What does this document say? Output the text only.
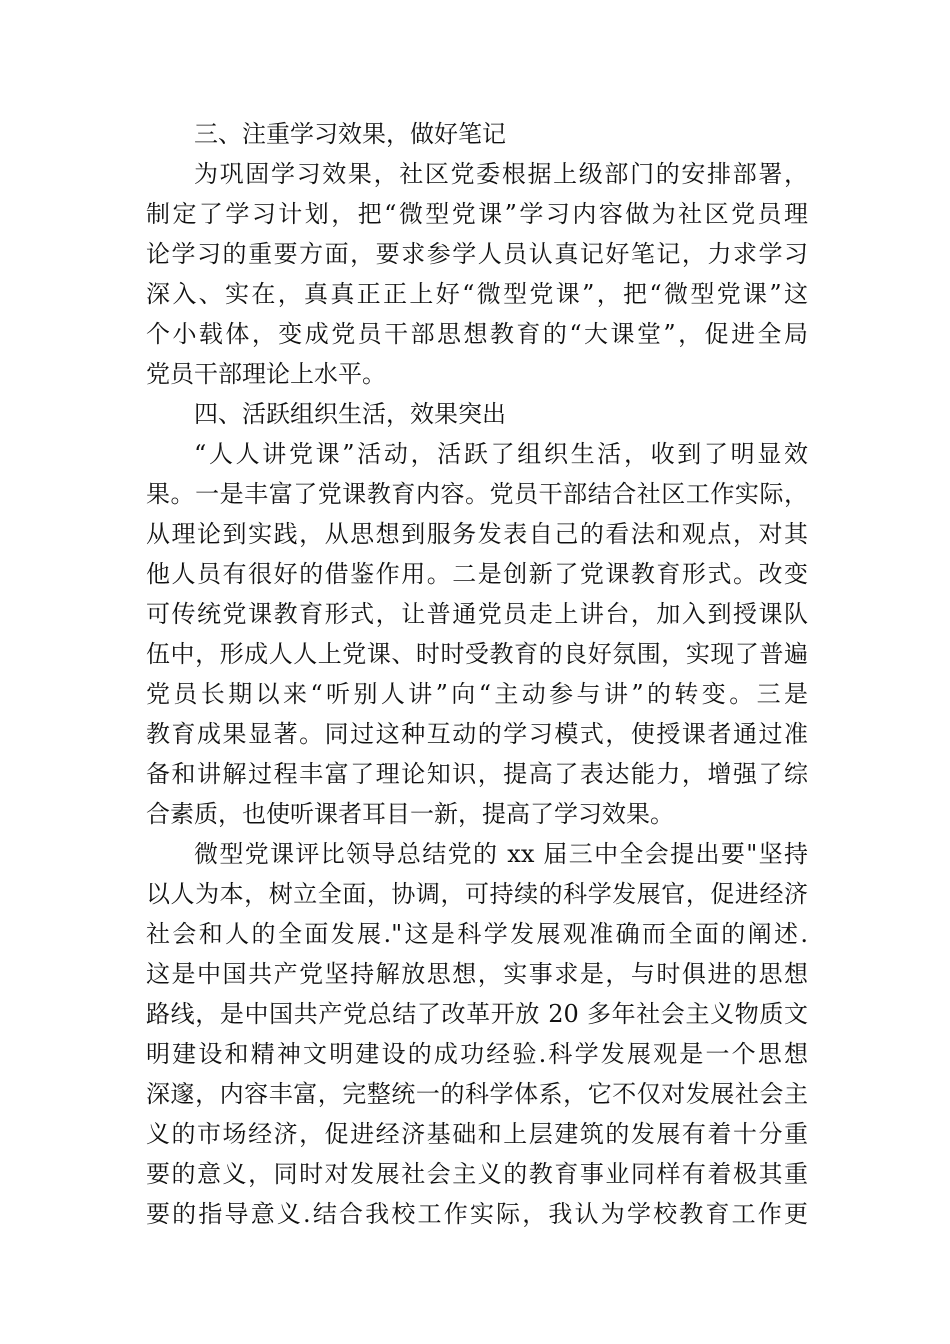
三、注重学习效果，做好笔记
为巩固学习效果，社区党委根据上级部门的安排部署，
制定了学习计划，把“微型党课”学习内容做为社区党员理
论学习的重要方面，要求参学人员认真记好笔记，力求学习
深入、实在，真真正正上好“微型党课”，把“微型党课”这
个小载体，变成党员干部思想教育的“大课堂”，促进全局
党员干部理论上水平。
四、活跃组织生活，效果突出
“人人讲党课”活动，活跃了组织生活，收到了明显效
果。一是丰富了党课教育内容。党员干部结合社区工作实际，
从理论到实践，从思想到服务发表自己的看法和观点，对其
他人员有很好的借鉴作用。二是创新了党课教育形式。改变
可传统党课教育形式，让普通党员走上讲台，加入到授课队
伍中，形成人人上党课、时时受教育的良好氛围，实现了普遍
党员长期以来“听别人讲”向“主动参与讲”的转变。三是
教育成果显著。同过这种互动的学习模式，使授课者通过准
备和讲解过程丰富了理论知识，提高了表达能力，增强了综
合素质，也使听课者耳目一新，提高了学习效果。
微型党课评比领导总结党的 xx 届三中全会提出要"坚持
以人为本，树立全面，协调，可持续的科学发展官，促进经济
社会和人的全面发展."这是科学发展观准确而全面的阐述.
这是中国共产党坚持解放思想，实事求是，与时俱进的思想
路线，是中国共产党总结了改革开放 20 多年社会主义物质文
明建设和精神文明建设的成功经验.科学发展观是一个思想
深邃，内容丰富，完整统一的科学体系，它不仅对发展社会主
义的市场经济，促进经济基础和上层建筑的发展有着十分重
要的意义，同时对发展社会主义的教育事业同样有着极其重
要的指导意义.结合我校工作实际，我认为学校教育工作更
